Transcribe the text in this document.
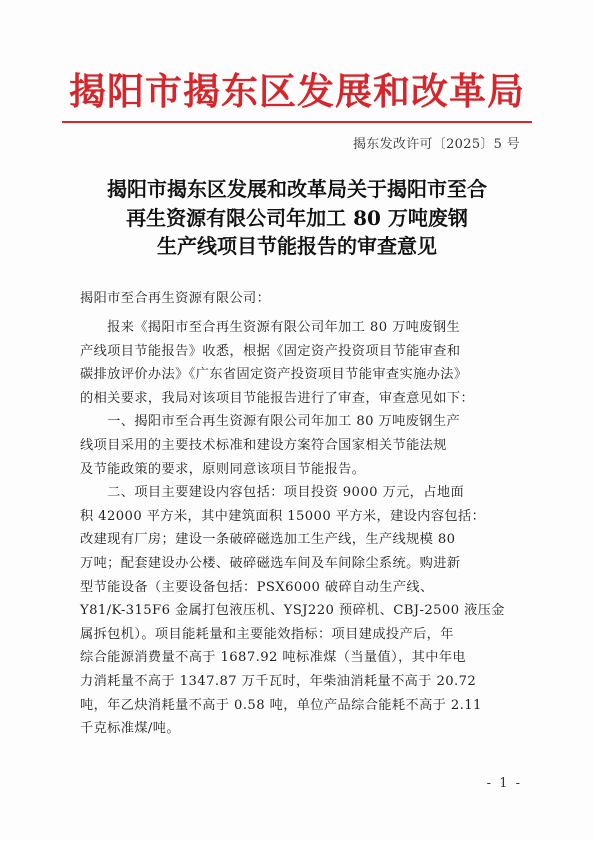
揭阳市揭东区发展和改革局
揭东发改许可〔2025〕5 号
揭阳市揭东区发展和改革局关于揭阳市至合
再生资源有限公司年加工 80 万吨废钢
生产线项目节能报告的审查意见
揭阳市至合再生资源有限公司：
　　报来《揭阳市至合再生资源有限公司年加工 80 万吨废钢生
产线项目节能报告》收悉，根据《固定资产投资项目节能审查和
碳排放评价办法》《广东省固定资产投资项目节能审查实施办法》
的相关要求，我局对该项目节能报告进行了审查，审查意见如下：
　　一、揭阳市至合再生资源有限公司年加工 80 万吨废钢生产
线项目采用的主要技术标准和建设方案符合国家相关节能法规
及节能政策的要求，原则同意该项目节能报告。
　　二、项目主要建设内容包括：项目投资 9000 万元，占地面
积 42000 平方米，其中建筑面积 15000 平方米，建设内容包括：
改建现有厂房；建设一条破碎磁选加工生产线，生产线规模 80
万吨；配套建设办公楼、破碎磁选车间及车间除尘系统。购进新
型节能设备（主要设备包括：PSX6000 破碎自动生产线、
Y81/K-315F6 金属打包液压机、YSJ220 预碎机、CBJ-2500 液压金
属拆包机）。项目能耗量和主要能效指标：项目建成投产后，年
综合能源消费量不高于 1687.92 吨标准煤（当量值），其中年电
力消耗量不高于 1347.87 万千瓦时，年柴油消耗量不高于 20.72
吨，年乙炔消耗量不高于 0.58 吨，单位产品综合能耗不高于 2.11
千克标准煤/吨。
- 1 -
